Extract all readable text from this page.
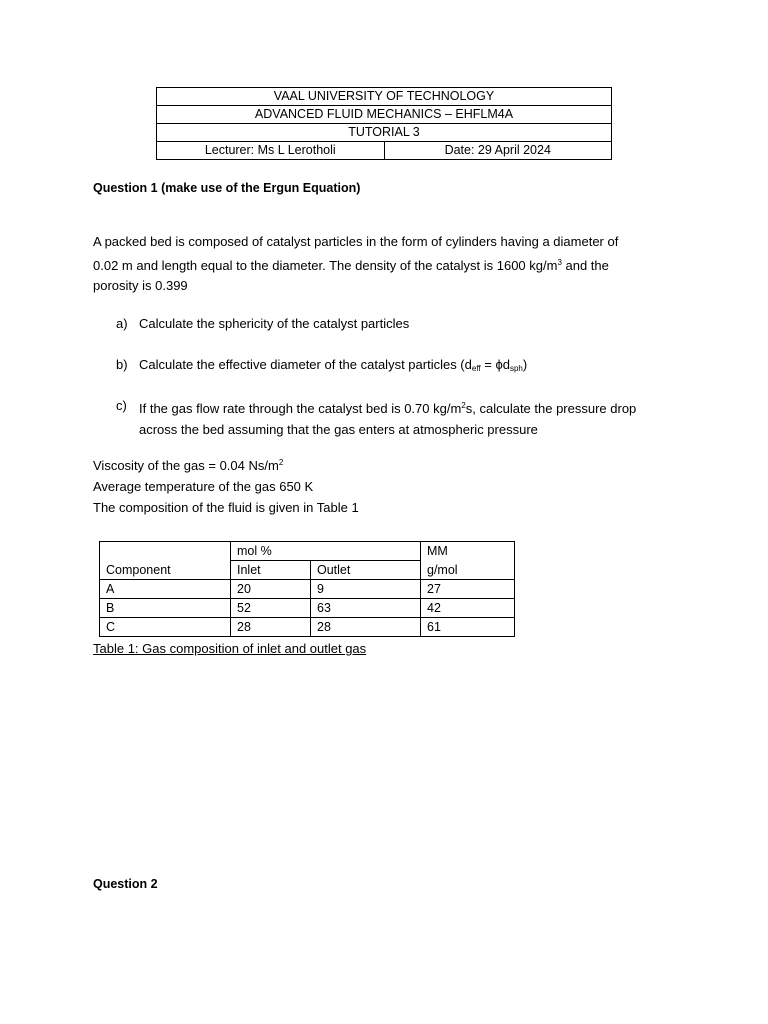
VAAL UNIVERSITY OF TECHNOLOGY
ADVANCED FLUID MECHANICS – EHFLM4A
TUTORIAL 3
Lecturer: Ms L Lerotholi	Date: 29 April 2024
Question 1 (make use of the Ergun Equation)
A packed bed is composed of catalyst particles in the form of cylinders having a diameter of
0.02 m and length equal to the diameter. The density of the catalyst is 1600 $kg/m^3$ and the
porosity is 0.399
a) Calculate the sphericity of the catalyst particles
b) Calculate the effective diameter of the catalyst particles $(d_{eff} = \phi d_{sph})$
c) If the gas flow rate through the catalyst bed is 0.70 $kg/m^2s$, calculate the pressure drop
across the bed assuming that the gas enters at atmospheric pressure
Viscosity of the gas = 0.04 $Ns/m^2$
Average temperature of the gas 650 K
The composition of the fluid is given in Table 1
	mol %		MM
Component	Inlet	Outlet	g/mol
A	20	9	27
B	52	63	42
C	28	28	61
Table 1: Gas composition of inlet and outlet gas
Question 2
